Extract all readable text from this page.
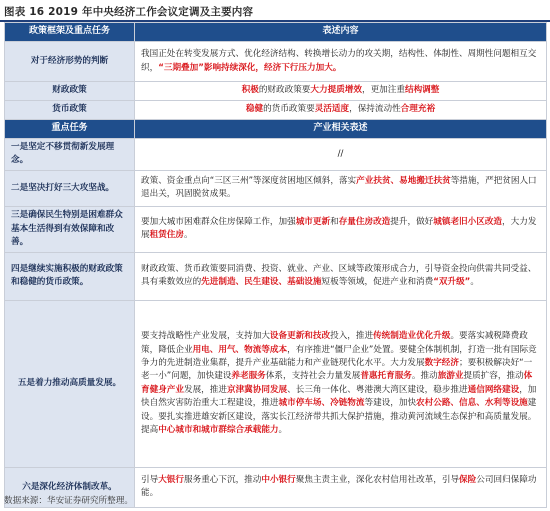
图表 16 2019 年中央经济工作会议定调及主要内容
政策框架及重点任务	表述内容
对于经济形势的判断	我国正处在转变发展方式、优化经济结构、转换增长动力的攻关期，结构性、体制性、周期性问题相互交织，“三期叠加”影响持续深化，经济下行压力加大。
财政政策	积极的财政政策要大力提质增效，更加注重结构调整
货币政策	稳健的货币政策要灵活适度，保持流动性合理充裕
重点任务	产业相关表述
一是坚定不移贯彻新发展理念。	//
二是坚决打好三大攻坚战。	政策、资金重点向“三区三州”等深度贫困地区倾斜，落实产业扶贫、易地搬迁扶贫等措施，严把贫困人口退出关，巩固脱贫成果。
三是确保民生特别是困难群众基本生活得到有效保障和改善。	要加大城市困难群众住房保障工作，加强城市更新和存量住房改造提升，做好城镇老旧小区改造，大力发展租赁住房。
四是继续实施积极的财政政策和稳健的货币政策。	财政政策、货币政策要同消费、投资、就业、产业、区域等政策形成合力，引导资金投向供需共同受益、具有乘数效应的先进制造、民生建设、基础设施短板等领域，促进产业和消费“双升级”。
五是着力推动高质量发展。	要支持战略性产业发展，支持加大设备更新和技改投入，推进传统制造业优化升级。要落实减税降费政策，降低企业用电、用气、物流等成本，有序推进“僵尸企业”处置。要健全体制机制，打造一批有国际竞争力的先进制造业集群，提升产业基础能力和产业链现代化水平。大力发展数字经济；要积极解决好“一老一小”问题，加快建设养老服务体系，支持社会力量发展普惠托育服务。推动旅游业提质扩容，推动体育健身产业发展，推进京津冀协同发展、长三角一体化、粤港澳大湾区建设，稳步推进通信网络建设，加快自然灾害防治重大工程建设，推进城市停车场、冷链物流等建设，加快农村公路、信息、水利等设施建设。要扎实推进雄安新区建设，落实长江经济带共抓大保护措施，推动黄河流域生态保护和高质量发展。提高中心城市和城市群综合承载能力。
六是深化经济体制改革。	引导大银行服务重心下沉，推动中小银行聚焦主责主业，深化农村信用社改革，引导保险公司回归保障功能。
数据来源：华安证券研究所整理。
